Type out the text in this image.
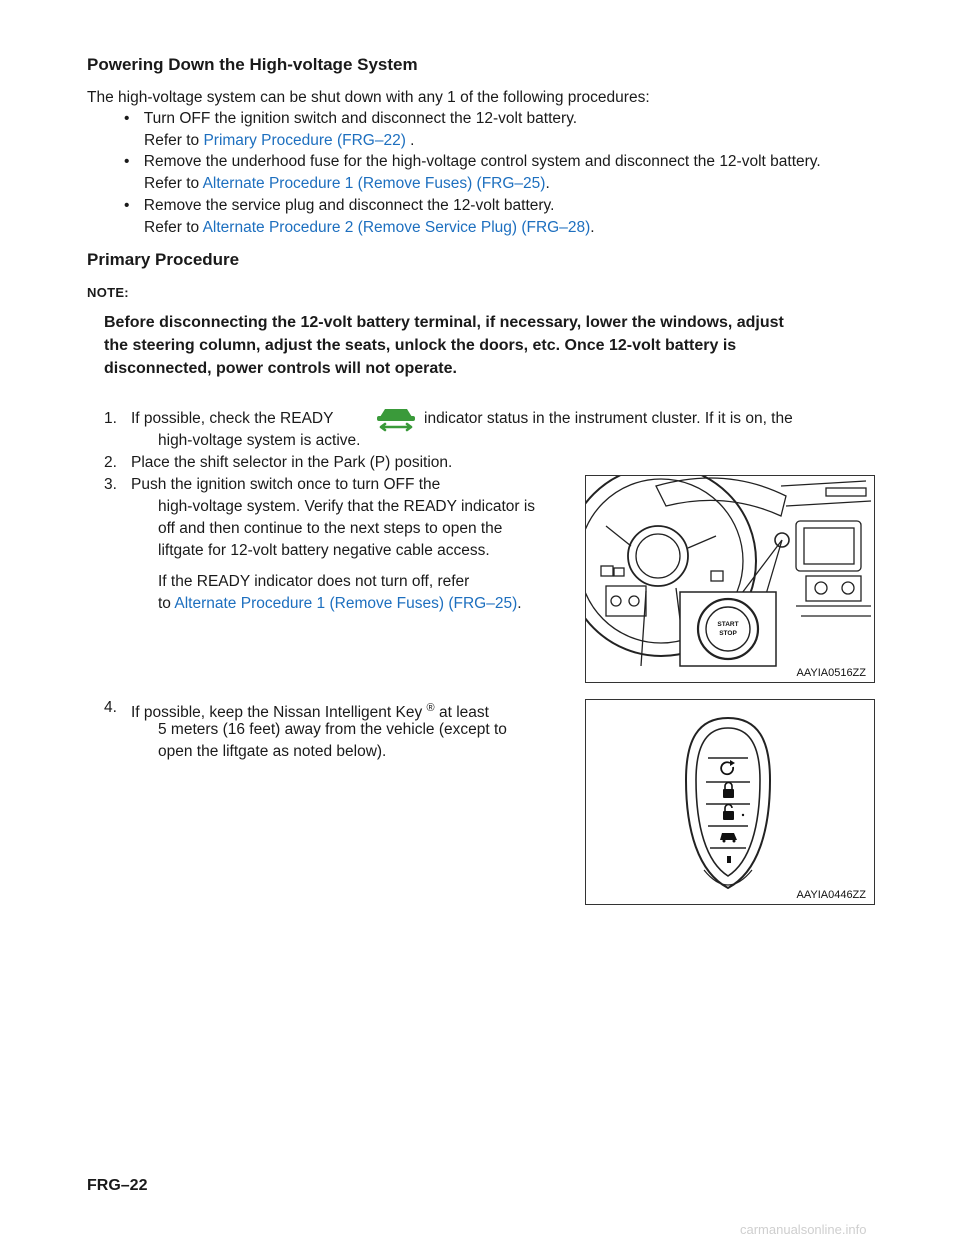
Powering Down the High-voltage System
The high-voltage system can be shut down with any 1 of the following procedures:
• Turn OFF the ignition switch and disconnect the 12-volt battery.
Refer to Primary Procedure (FRG–22) .
• Remove the underhood fuse for the high-voltage control system and disconnect the 12-volt battery.
Refer to Alternate Procedure 1 (Remove Fuses) (FRG–25).
• Remove the service plug and disconnect the 12-volt battery.
Refer to Alternate Procedure 2 (Remove Service Plug) (FRG–28).
Primary Procedure
NOTE:
Before disconnecting the 12-volt battery terminal, if necessary, lower the windows, adjust
the steering column, adjust the seats, unlock the doors, etc. Once 12-volt battery is
disconnected, power controls will not operate.
1. If possible, check the READY	indicator status in the instrument cluster. If it is on, the
high-voltage system is active.
2. Place the shift selector in the Park (P) position.
3. Push the ignition switch once to turn OFF the
high-voltage system. Verify that the READY indicator is
off and then continue to the next steps to open the
liftgate for 12-volt battery negative cable access.
If the READY indicator does not turn off, refer
to Alternate Procedure 1 (Remove Fuses) (FRG–25).
START
STOP
AAYIA0516ZZ
4. If possible, keep the Nissan Intelligent Key ® at least
5 meters (16 feet) away from the vehicle (except to
open the liftgate as noted below).
AAYIA0446ZZ
FRG–22
carmanualsonline.info
